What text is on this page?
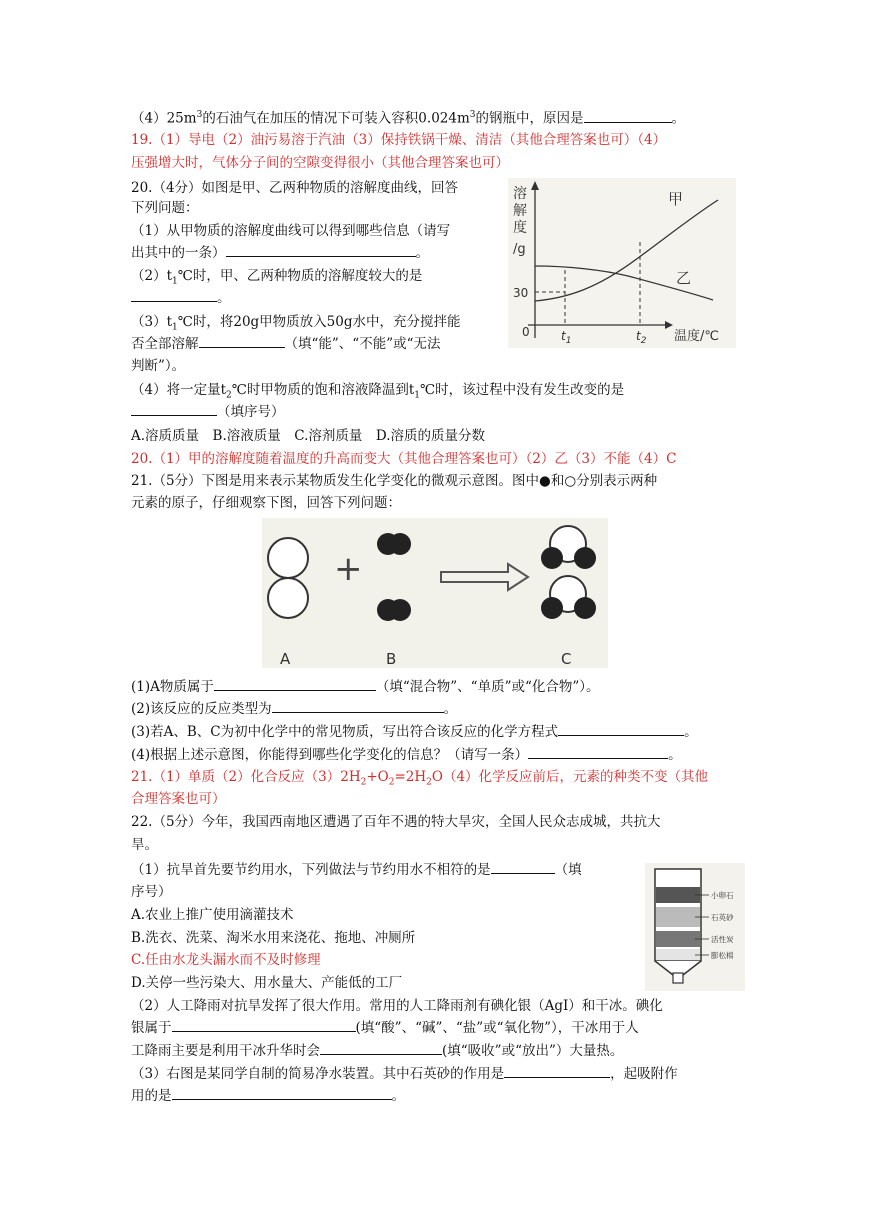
$(4)25m^3$的石油气在加压的情况下可装入容积$0.024m^3$的钢瓶中，原因是	。
19.（1）导电（2）油污易溶于汽油（3）保持铁锅干燥、清洁（其他合理答案也可）（4）
压强增大时，气体分子间的空隙变得很小（其他合理答案也可）
20.（4分）如图是甲、乙两种物质的溶解度曲线，回答
下列问题：
（1）从甲物质的溶解度曲线可以得到哪些信息（请写
出其中的一条）	。
$(2)t_1℃$时，甲、乙两种物质的溶解度较大的是
。
$(3)t_1℃$时，将20g甲物质放入50g水中，充分搅拌能
否全部溶解	（填“能”、“不能”或“无法
判断”）。
（4）将一定量$t_2℃$时甲物质的饱和溶液降温到$t_1℃$时，该过程中没有发生改变的是
（填序号）
A.溶质质量　B.溶液质量　C.溶剂质量　D.溶质的质量分数
20.（1）甲的溶解度随着温度的升高而变大（其他合理答案也可）（2）乙（3）不能（4）C
溶
解
度
/g
甲
乙
30
0	$t_1$	$t_2$ 温度/℃
21.（5分）下图是用来表示某物质发生化学变化的微观示意图。图中●和○分别表示两种
元素的原子，仔细观察下图，回答下列问题：
+
A	B	C
(1)A物质属于	（填“混合物”、“单质”或“化合物”）。
(2)该反应的反应类型为	。
(3)若A、B、C为初中化学中的常见物质，写出符合该反应的化学方程式	。
(4)根据上述示意图，你能得到哪些化学变化的信息？（请写一条）	。
21.（1）单质（2）化合反应$(3)2H_2+O_2=2H_2O(4)$化学反应前后，元素的种类不变（其他
合理答案也可）
22.（5分）今年，我国西南地区遭遇了百年不遇的特大旱灾，全国人民众志成城，共抗大
旱。
（1）抗旱首先要节约用水，下列做法与节约用水不相符的是	（填
序号）
A.农业上推广使用滴灌技术
B.洗衣、洗菜、淘米水用来浇花、拖地、冲厕所
C.任由水龙头漏水而不及时修理
D.关停一些污染大、用水量大、产能低的工厂
（2）人工降雨对抗旱发挥了很大作用。常用的人工降雨剂有碘化银（AgI）和干冰。碘化
银属于	(填“酸”、“碱”、“盐”或“氧化物”），干冰用于人
工降雨主要是利用干冰升华时会	(填“吸收”或“放出”）大量热。
（3）右图是某同学自制的简易净水装置。其中石英砂的作用是	，起吸附作
用的是	。
小卵石
石英砂
活性炭
膨松棉
